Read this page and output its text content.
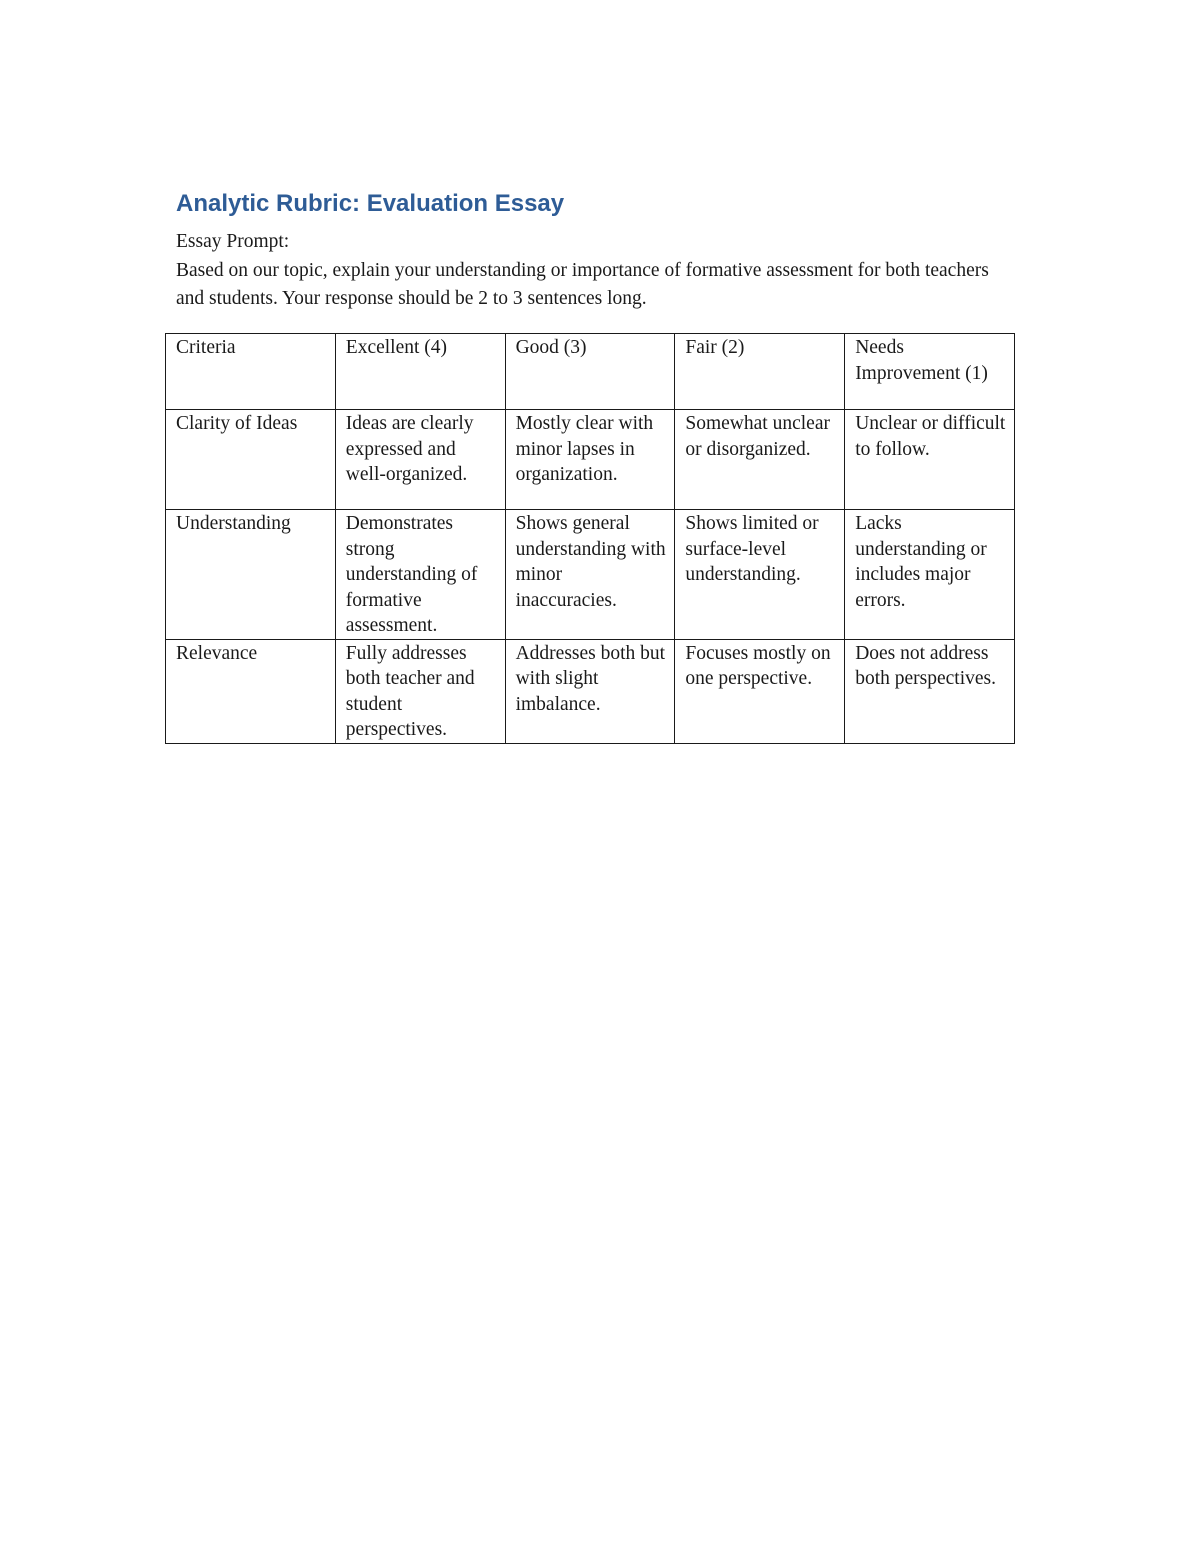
Analytic Rubric: Evaluation Essay

Essay Prompt:

Based on our topic, explain your understanding or importance of formative assessment for both teachers and students. Your response should be 2 to 3 sentences long.

Criteria	Excellent (4)	Good (3)	Fair (2)	Needs Improvement (1)
Clarity of Ideas	Ideas are clearly expressed and well-organized.	Mostly clear with minor lapses in organization.	Somewhat unclear or disorganized.	Unclear or difficult to follow.
Understanding	Demonstrates strong understanding of formative assessment.	Shows general understanding with minor inaccuracies.	Shows limited or surface-level understanding.	Lacks understanding or includes major errors.
Relevance	Fully addresses both teacher and student perspectives.	Addresses both but with slight imbalance.	Focuses mostly on one perspective.	Does not address both perspectives.
